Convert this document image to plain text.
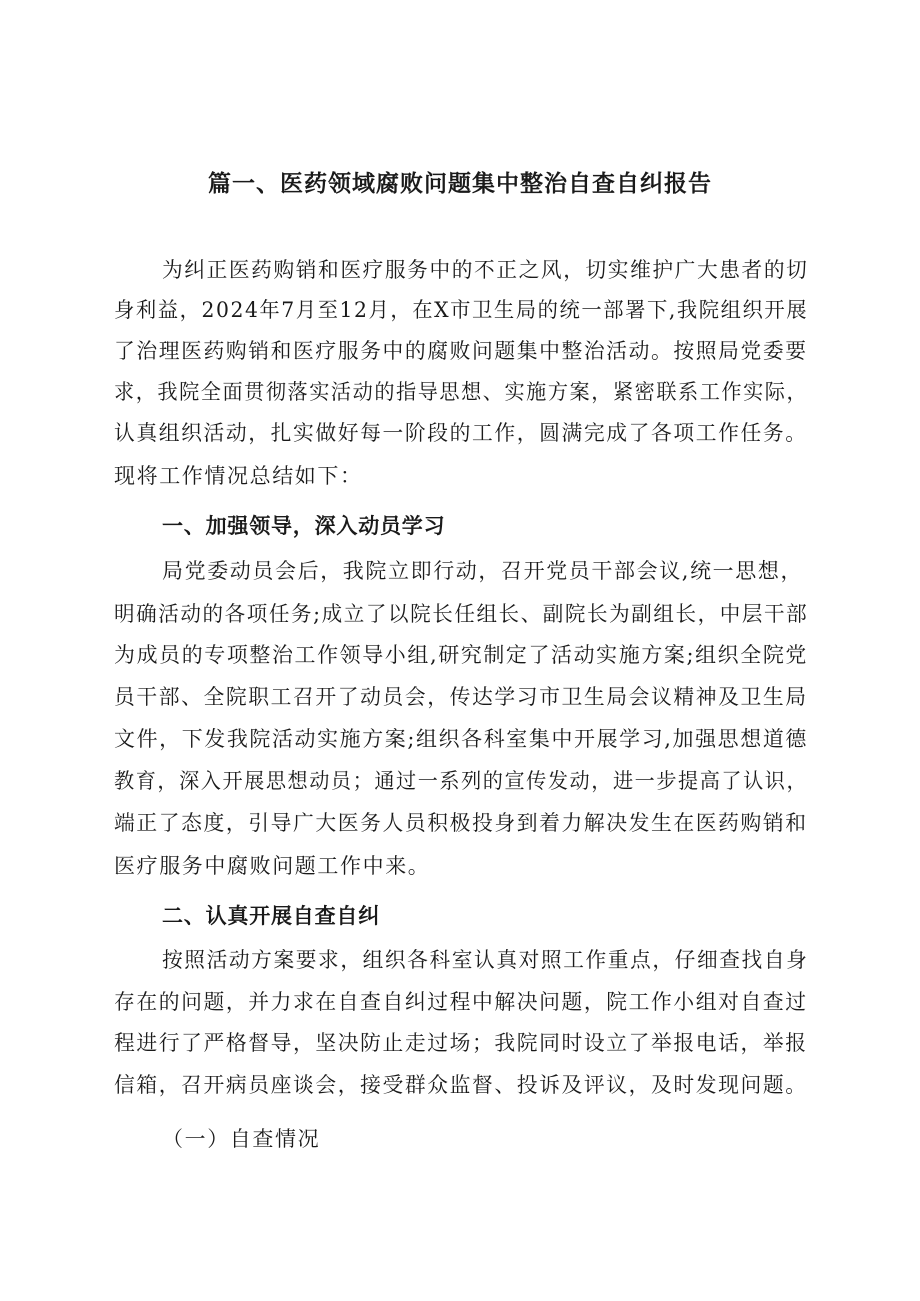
篇一、医药领域腐败问题集中整治自查自纠报告
为纠正医药购销和医疗服务中的不正之风，切实维护广大患者的切
身利益，2024年7月至12月，在X市卫生局的统一部署下,我院组织开展
了治理医药购销和医疗服务中的腐败问题集中整治活动。按照局党委要
求，我院全面贯彻落实活动的指导思想、实施方案，紧密联系工作实际，
认真组织活动，扎实做好每一阶段的工作，圆满完成了各项工作任务。
现将工作情况总结如下：
一、加强领导，深入动员学习
局党委动员会后，我院立即行动，召开党员干部会议,统一思想，
明确活动的各项任务;成立了以院长任组长、副院长为副组长，中层干部
为成员的专项整治工作领导小组,研究制定了活动实施方案;组织全院党
员干部、全院职工召开了动员会，传达学习市卫生局会议精神及卫生局
文件，下发我院活动实施方案;组织各科室集中开展学习,加强思想道德
教育，深入开展思想动员；通过一系列的宣传发动，进一步提高了认识，
端正了态度，引导广大医务人员积极投身到着力解决发生在医药购销和
医疗服务中腐败问题工作中来。
二、认真开展自查自纠
按照活动方案要求，组织各科室认真对照工作重点，仔细查找自身
存在的问题，并力求在自查自纠过程中解决问题，院工作小组对自查过
程进行了严格督导，坚决防止走过场；我院同时设立了举报电话，举报
信箱，召开病员座谈会，接受群众监督、投诉及评议，及时发现问题。
（一）自查情况
